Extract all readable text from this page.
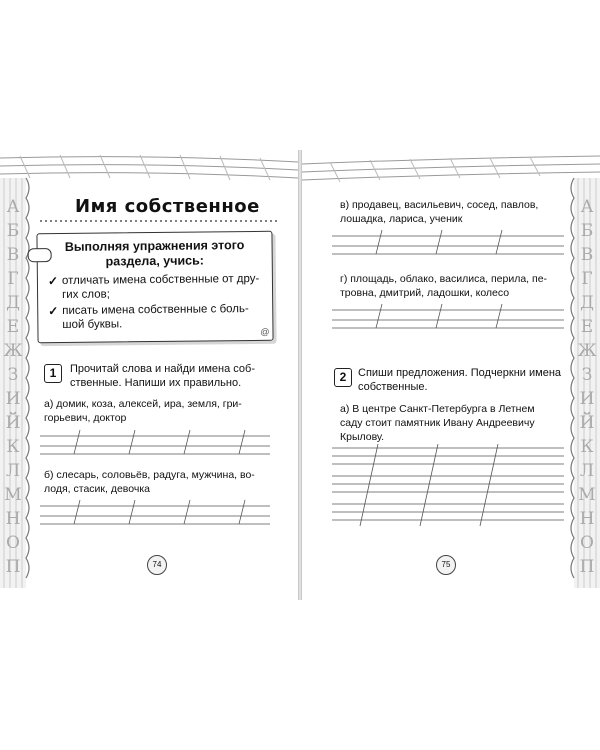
А
Б
В
Г
Д
Е
Ж
З
И
Й
К
Л
М
Н
О
П
А
Б
В
Г
Д
Е
Ж
З
И
Й
К
Л
М
Н
О
П
Имя собственное
Выполняя упражнения этого
раздела, учись:
✓ отличать имена собственные от дру-
гих слов;
✓ писать имена собственные с боль-
шой буквы.
@
1	Прочитай слова и найди имена соб-
ственные. Напиши их правильно.
а) домик, коза, алексей, ира, земля, гри-
горьевич, доктор
б) слесарь, соловьёв, радуга, мужчина, во-
лодя, стасик, девочка
74
в) продавец, васильевич, сосед, павлов,
лошадка, лариса, ученик
г) площадь, облако, василиса, перила, пе-
тровна, дмитрий, ладошки, колесо
2	Спиши предложения. Подчеркни имена
собственные.
а) В центре Санкт-Петербурга в Летнем
саду стоит памятник Ивану Андреевичу
Крылову.
75
